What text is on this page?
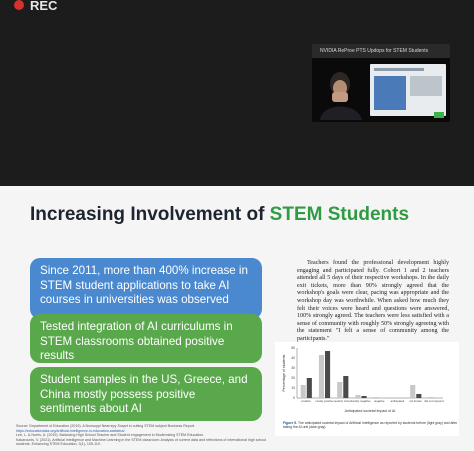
REC
NVIDIA ReProe PTS Updops for STEM Students
Increasing Involvement of STEM Students
Since 2011, more than 400% increase in STEM student applications to take AI courses in universities was observed
Tested integration of AI curriculums in STEM classrooms obtained positive results
Student samples in the US, Greece, and China mostly possess positive sentiments about AI
Source: Department of Education (2019). A Nonsuppl Nearrepy Sosprt in cutting STEM subject Business Report.
https://educationdata.org/artificial-intelligence-in-education-statistics/
Lee, L. & Norris, A. (2019). Balancing High School Teacher and Student engagement in Modernizing STEM Education.
Kakarounis, V. (2021). Artificial Intelligence and Machine Learning in the STEM classroom: Analysis of current data and reflections of international high school students. Enhancing STEM Education, 3(1), 105-119.
Teachers found the professional development highly engaging and participated fully. Cohort 1 and 2 teachers attended all 5 days of their respective workshops. In the daily exit tickets, more than 90% strongly agreed that the workshop's goals were clear, pacing was appropriate and the workshop day was worthwhile. When asked how much they felt their voices were heard and questions were answered, 100% strongly agreed. The teachers were less satisfied with a sense of community with roughly 50% strongly agreeing with the statement "I felt a sense of community among the participants."
50
40
30
20
10
0
Percentage of students
positive mostly positive neutral, mixed mostly negative negative anticipated not known did not respond
Anticipated societal impact of AI
Figure 5. The anticipated societal impact of Artificial Intelligence as reported by students before (light gray) and after taking the AI unit (dark gray).
